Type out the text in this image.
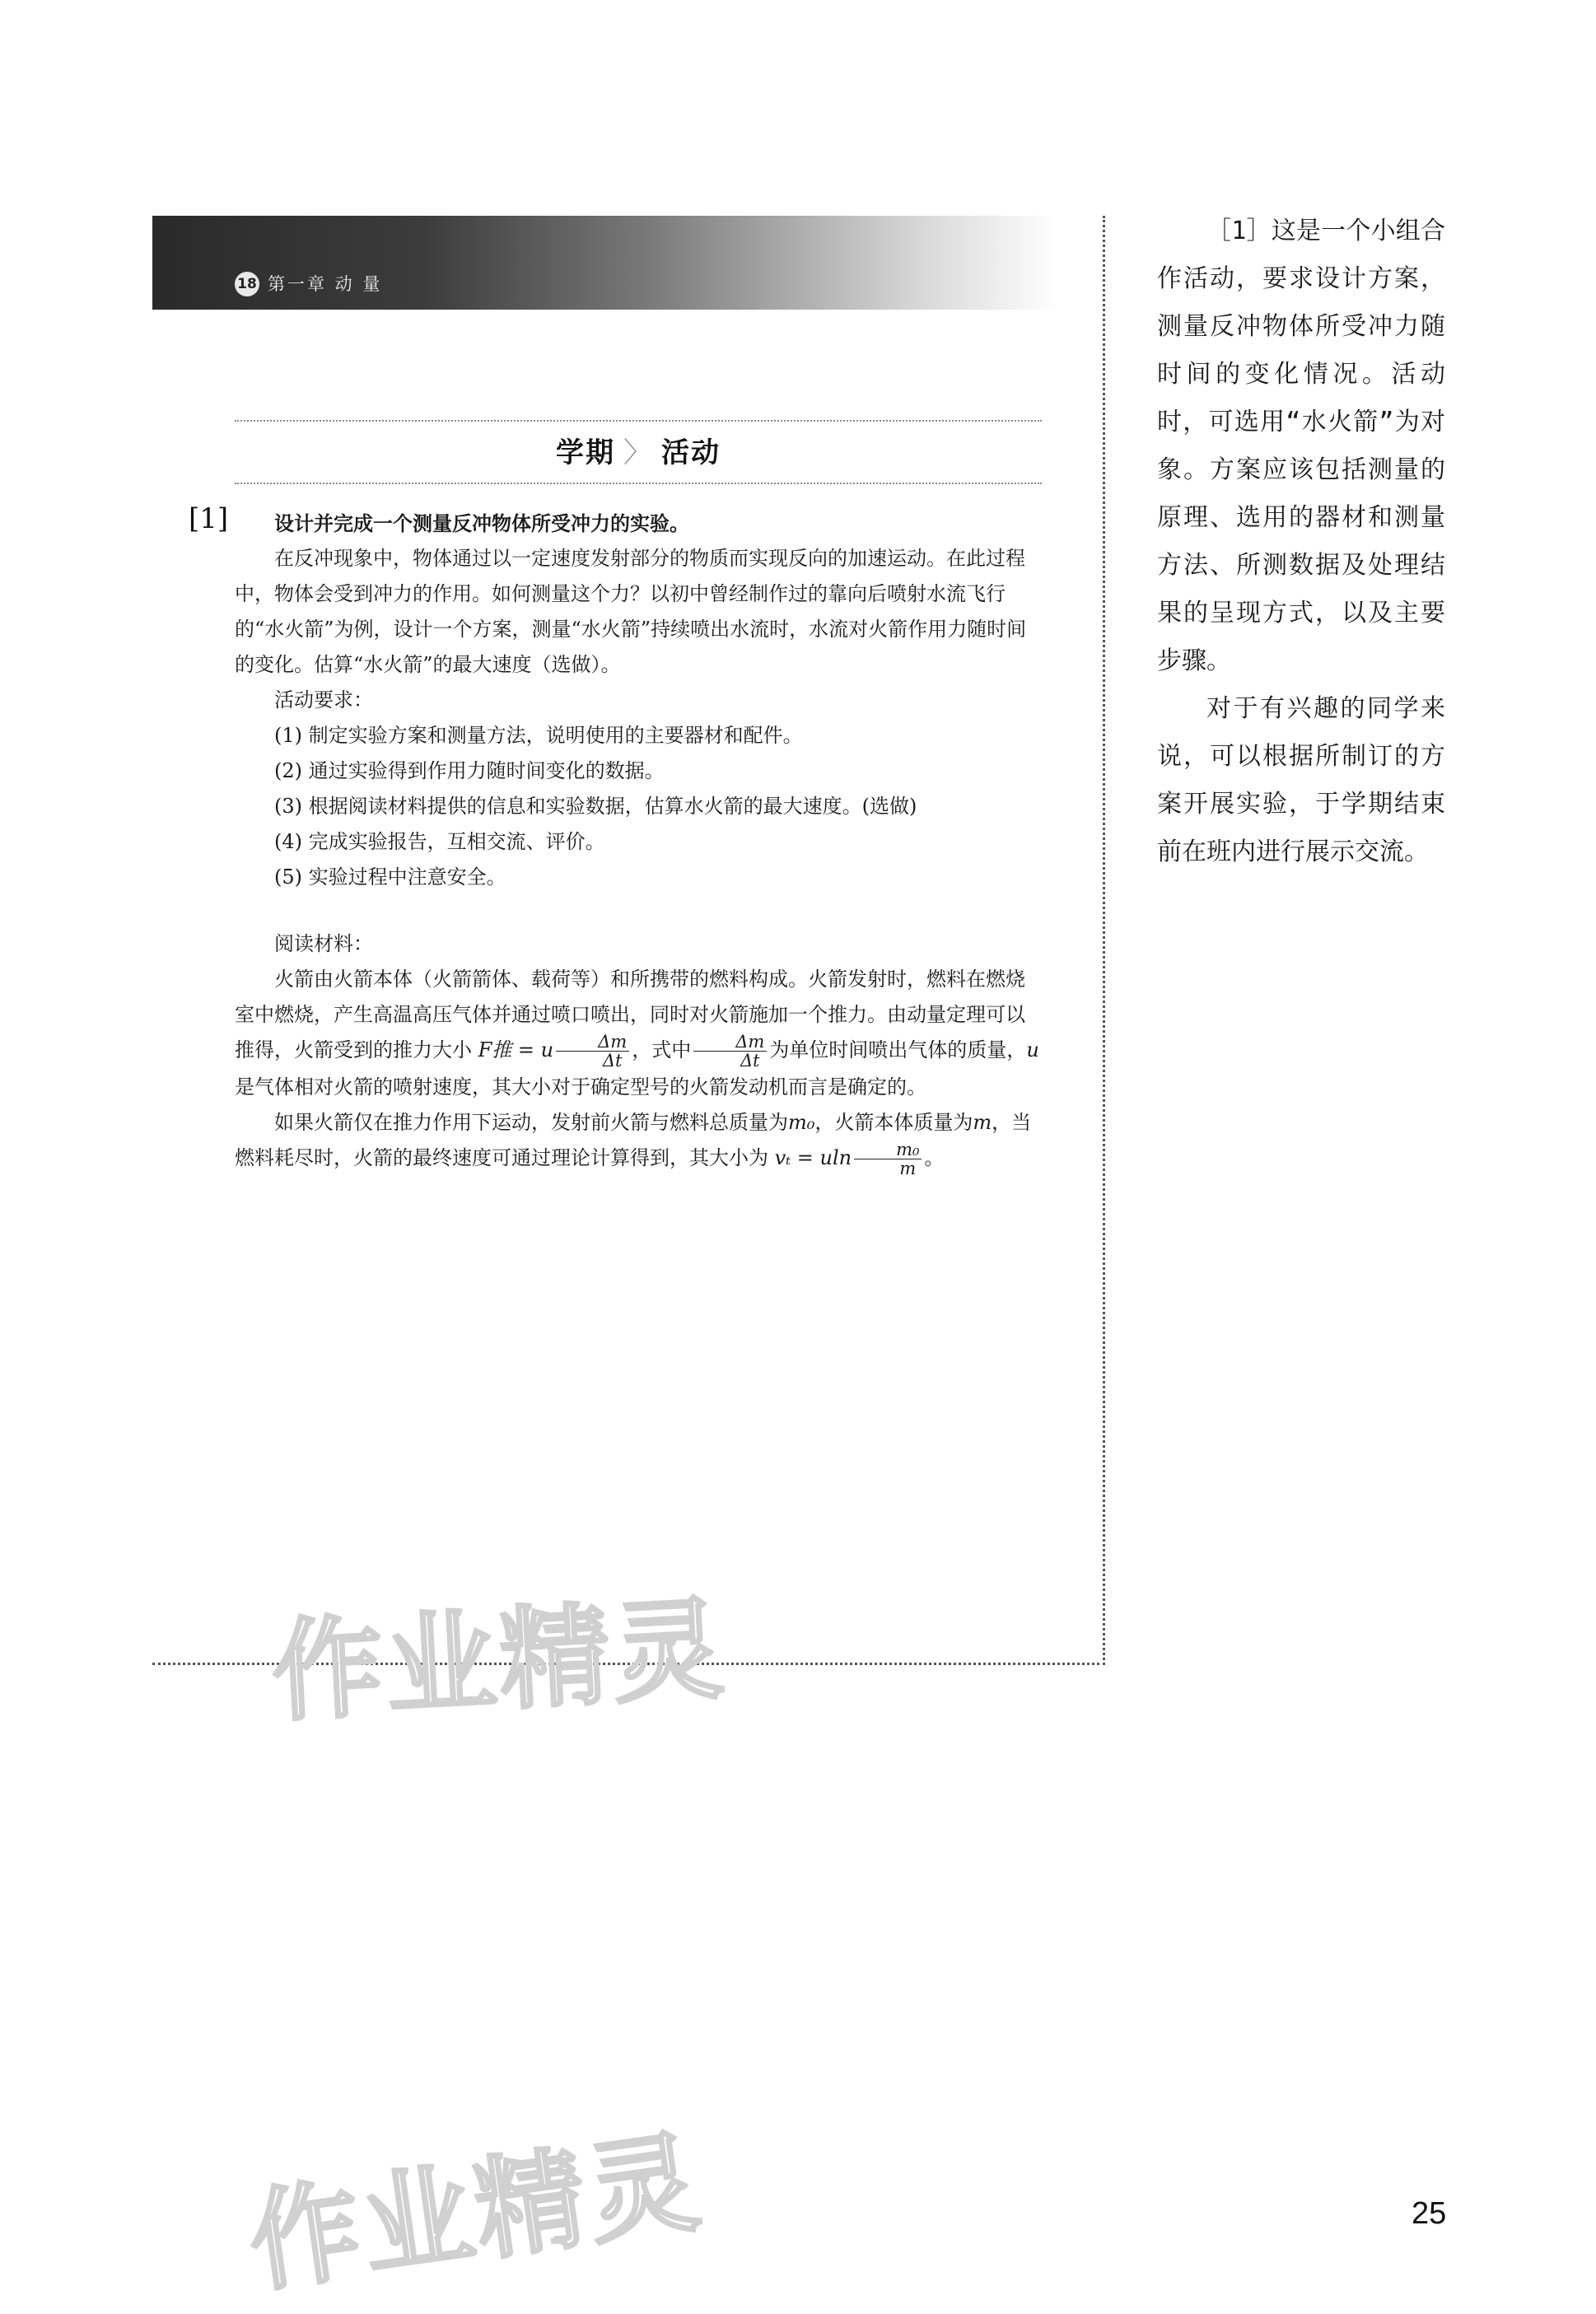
18 第一章 动 量
学期 〉 活动
[1]	设计并完成一个测量反冲物体所受冲力的实验。

在反冲现象中，物体通过以一定速度发射部分的物质而实现反向的加速运动。在此过程中，物体会受到冲力的作用。如何测量这个力？以初中曾经制作过的靠向后喷射水流飞行的“水火箭”为例，设计一个方案，测量“水火箭”持续喷出水流时，水流对火箭作用力随时间的变化。估算“水火箭”的最大速度（选做）。

活动要求：

(1) 制定实验方案和测量方法，说明使用的主要器材和配件。

(2) 通过实验得到作用力随时间变化的数据。

(3) 根据阅读材料提供的信息和实验数据，估算水火箭的最大速度。(选做)

(4) 完成实验报告，互相交流、评价。

(5) 实验过程中注意安全。

阅读材料：

火箭由火箭本体（火箭箭体、载荷等）和所携带的燃料构成。火箭发射时，燃料在燃烧室中燃烧，产生高温高压气体并通过喷口喷出，同时对火箭施加一个推力。由动量定理可以推得，火箭受到的推力大小 F推 = u $\frac{\Delta m}{\Delta t}$ ，式中 $\frac{\Delta m}{\Delta t}$ 为单位时间喷出气体的质量，u是气体相对火箭的喷射速度，其大小对于确定型号的火箭发动机而言是确定的。

如果火箭仅在推力作用下运动，发射前火箭与燃料总质量为m₀，火箭本体质量为m，当燃料耗尽时，火箭的最终速度可通过理论计算得到，其大小为 vₜ = uln $\frac{\text{m₀}}{m}$ 。

［1］这是一个小组合作活动，要求设计方案，测量反冲物体所受冲力随时间的变化情况。活动时，可选用“水火箭”为对象。方案应该包括测量的原理、选用的器材和测量方法、所测数据及处理结果的呈现方式，以及主要步骤。

对于有兴趣的同学来说，可以根据所制订的方案开展实验，于学期结束前在班内进行展示交流。

作业精灵
作业精灵	25
